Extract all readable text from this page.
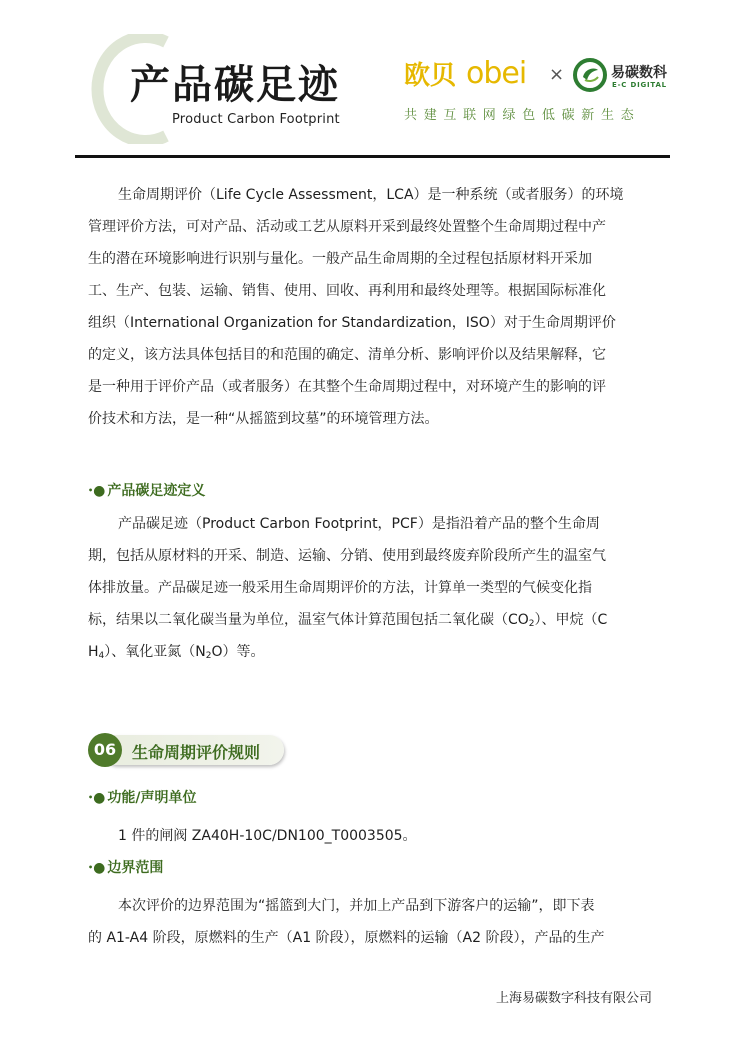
产品碳足迹
Product Carbon Footprint
欧贝 obei ×	易碳数科
E-C DIGITAL
共建互联网绿色低碳新生态
生命周期评价（Life Cycle Assessment，LCA）是一种系统（或者服务）的环境
管理评价方法，可对产品、活动或工艺从原料开采到最终处置整个生命周期过程中产
生的潜在环境影响进行识别与量化。一般产品生命周期的全过程包括原材料开采加
工、生产、包装、运输、销售、使用、回收、再利用和最终处理等。根据国际标准化
组织（International Organization for Standardization，ISO）对于生命周期评价
的定义，该方法具体包括目的和范围的确定、清单分析、影响评价以及结果解释，它
是一种用于评价产品（或者服务）在其整个生命周期过程中，对环境产生的影响的评
价技术和方法，是一种“从摇篮到坟墓”的环境管理方法。
•● 产品碳足迹定义
产品碳足迹（Product Carbon Footprint，PCF）是指沿着产品的整个生命周
期，包括从原材料的开采、制造、运输、分销、使用到最终废弃阶段所产生的温室气
体排放量。产品碳足迹一般采用生命周期评价的方法，计算单一类型的气候变化指
标，结果以二氧化碳当量为单位，温室气体计算范围包括二氧化碳$(CO_2)$、甲烷（C
$H_4$）、氧化亚氮$(N_2O)$等。
06 生命周期评价规则
•● 功能/声明单位
1 件的闸阀 ZA40H-10C/DN100_T0003505。
•● 边界范围
本次评价的边界范围为“摇篮到大门，并加上产品到下游客户的运输”，即下表
的 A1-A4 阶段，原燃料的生产（A1 阶段），原燃料的运输（A2 阶段），产品的生产
上海易碳数字科技有限公司
